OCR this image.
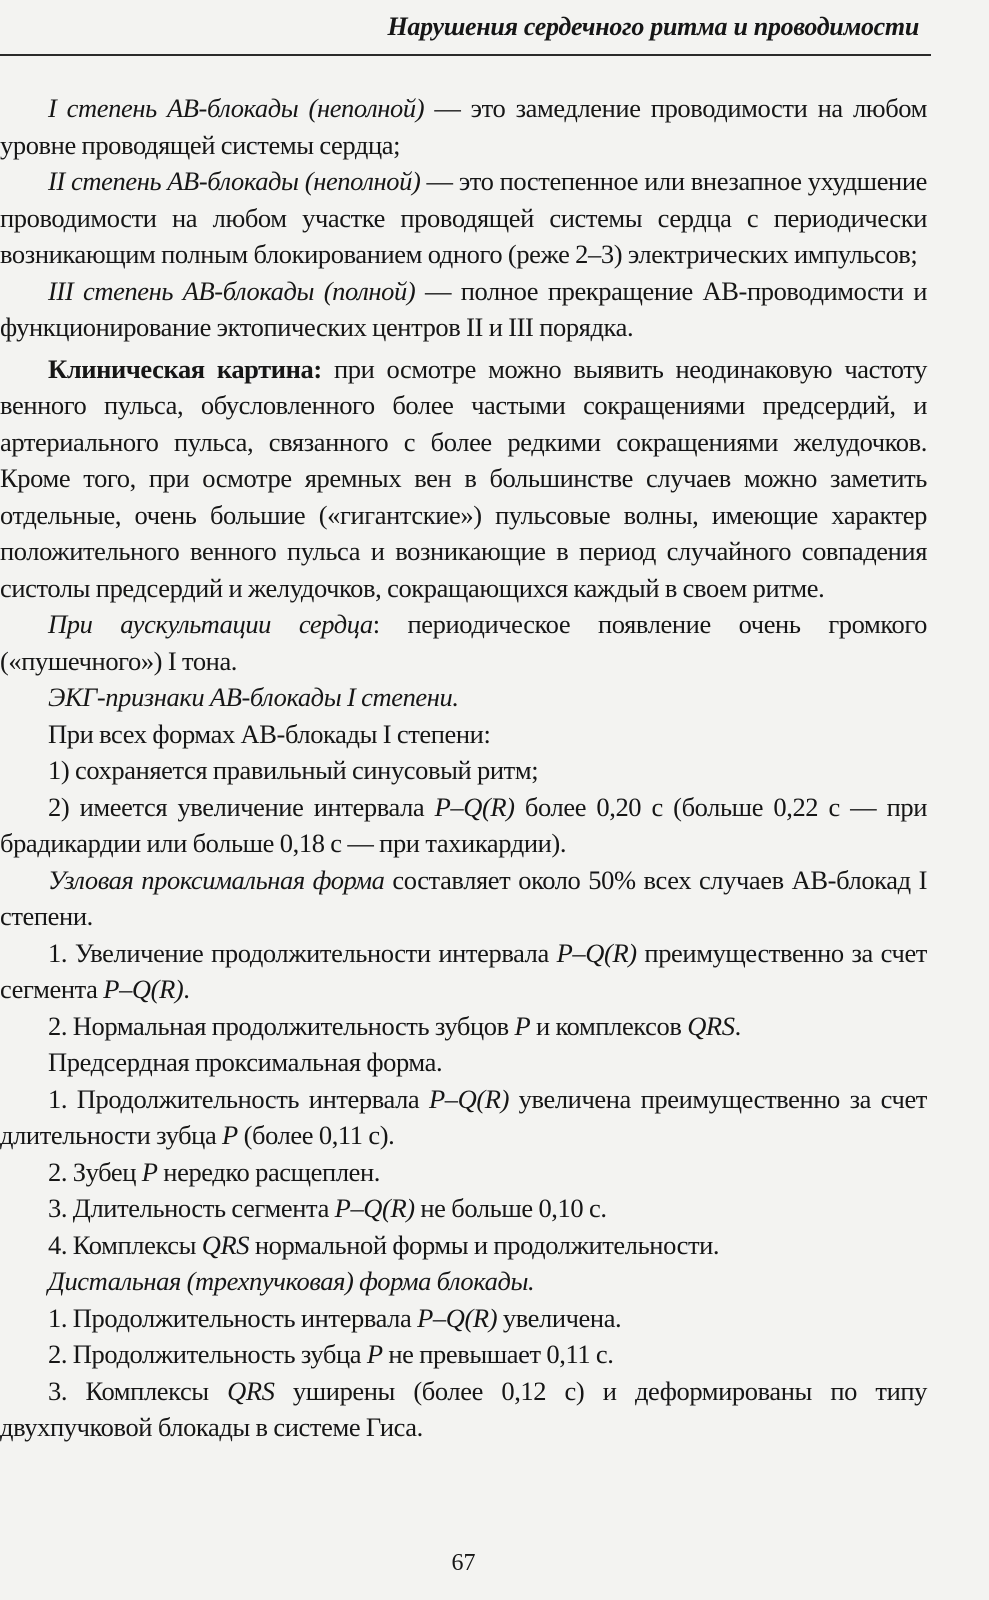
Нарушения сердечного ритма и проводимости

I степень АВ-блокады (неполной) — это замедление проводимости на любом уровне проводящей системы сердца;

II степень АВ-блокады (неполной) — это постепенное или внезапное ухудшение проводимости на любом участке проводящей системы сердца с периодически возникающим полным блокированием одного (реже 2–3) электрических импульсов;

III степень АВ-блокады (полной) — полное прекращение АВ-проводимости и функционирование эктопических центров II и III порядка.

Клиническая картина: при осмотре можно выявить неодинаковую частоту венного пульса, обусловленного более частыми сокращениями предсердий, и артериального пульса, связанного с более редкими сокращениями желудочков. Кроме того, при осмотре яремных вен в большинстве случаев можно заметить отдельные, очень большие («гигантские») пульсовые волны, имеющие характер положительного венного пульса и возникающие в период случайного совпадения систолы предсердий и желудочков, сокращающихся каждый в своем ритме.

При аускультации сердца: периодическое появление очень громкого («пушечного») I тона.

ЭКГ-признаки АВ-блокады I степени.

При всех формах АВ-блокады I степени:

1) сохраняется правильный синусовый ритм;

2) имеется увеличение интервала P–Q(R) более 0,20 с (больше 0,22 с — при брадикардии или больше 0,18 с — при тахикардии).

Узловая проксимальная форма составляет около 50% всех случаев АВ-блокад I степени.

1. Увеличение продолжительности интервала P–Q(R) преимущественно за счет сегмента P–Q(R).

2. Нормальная продолжительность зубцов P и комплексов QRS.

Предсердная проксимальная форма.

1. Продолжительность интервала P–Q(R) увеличена преимущественно за счет длительности зубца P (более 0,11 с).

2. Зубец P нередко расщеплен.

3. Длительность сегмента P–Q(R) не больше 0,10 с.

4. Комплексы QRS нормальной формы и продолжительности.

Дистальная (трехпучковая) форма блокады.

1. Продолжительность интервала P–Q(R) увеличена.

2. Продолжительность зубца P не превышает 0,11 с.

3. Комплексы QRS уширены (более 0,12 с) и деформированы по типу двухпучковой блокады в системе Гиса.

67
